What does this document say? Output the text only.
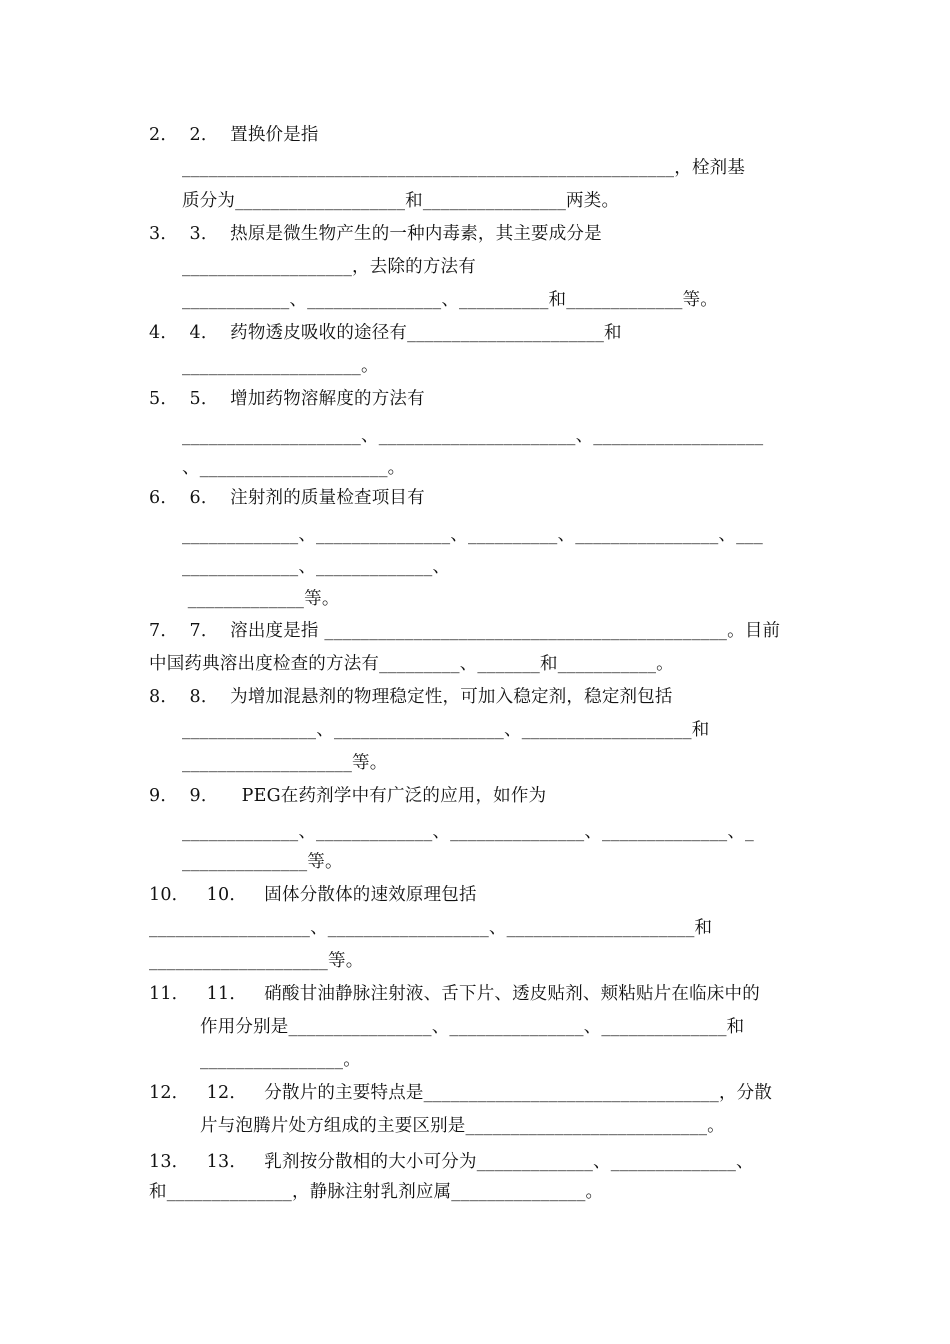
2．  2．  置换价是指
_______________________________________________________，栓剂基
质分为___________________和________________两类。
3．  3．  热原是微生物产生的一种内毒素，其主要成分是
___________________，去除的方法有
____________、_______________、__________和_____________等。
4．  4．  药物透皮吸收的途径有______________________和
____________________。
5．  5．  增加药物溶解度的方法有
____________________、______________________、___________________
、_____________________。
6．  6．  注射剂的质量检查项目有
_____________、_______________、__________、________________、___
_____________、_____________、
_____________等。
7．  7．  溶出度是指 _____________________________________________。目前
中国药典溶出度检查的方法有_________、_______和___________。
8．  8．  为增加混悬剂的物理稳定性，可加入稳定剂，稳定剂包括
_______________、___________________、___________________和
___________________等。
9．  9．    PEG在药剂学中有广泛的应用，如作为
_____________、_____________、_______________、______________、_
______________等。
10．   10．   固体分散体的速效原理包括
__________________、__________________、_____________________和
____________________等。
11．   11．   硝酸甘油静脉注射液、舌下片、透皮贴剂、颊粘贴片在临床中的
作用分别是________________、_______________、______________和
________________。
12．   12．   分散片的主要特点是_________________________________，分散
片与泡腾片处方组成的主要区别是___________________________。
13．   13．   乳剂按分散相的大小可分为_____________、______________、
和______________，静脉注射乳剂应属_______________。
